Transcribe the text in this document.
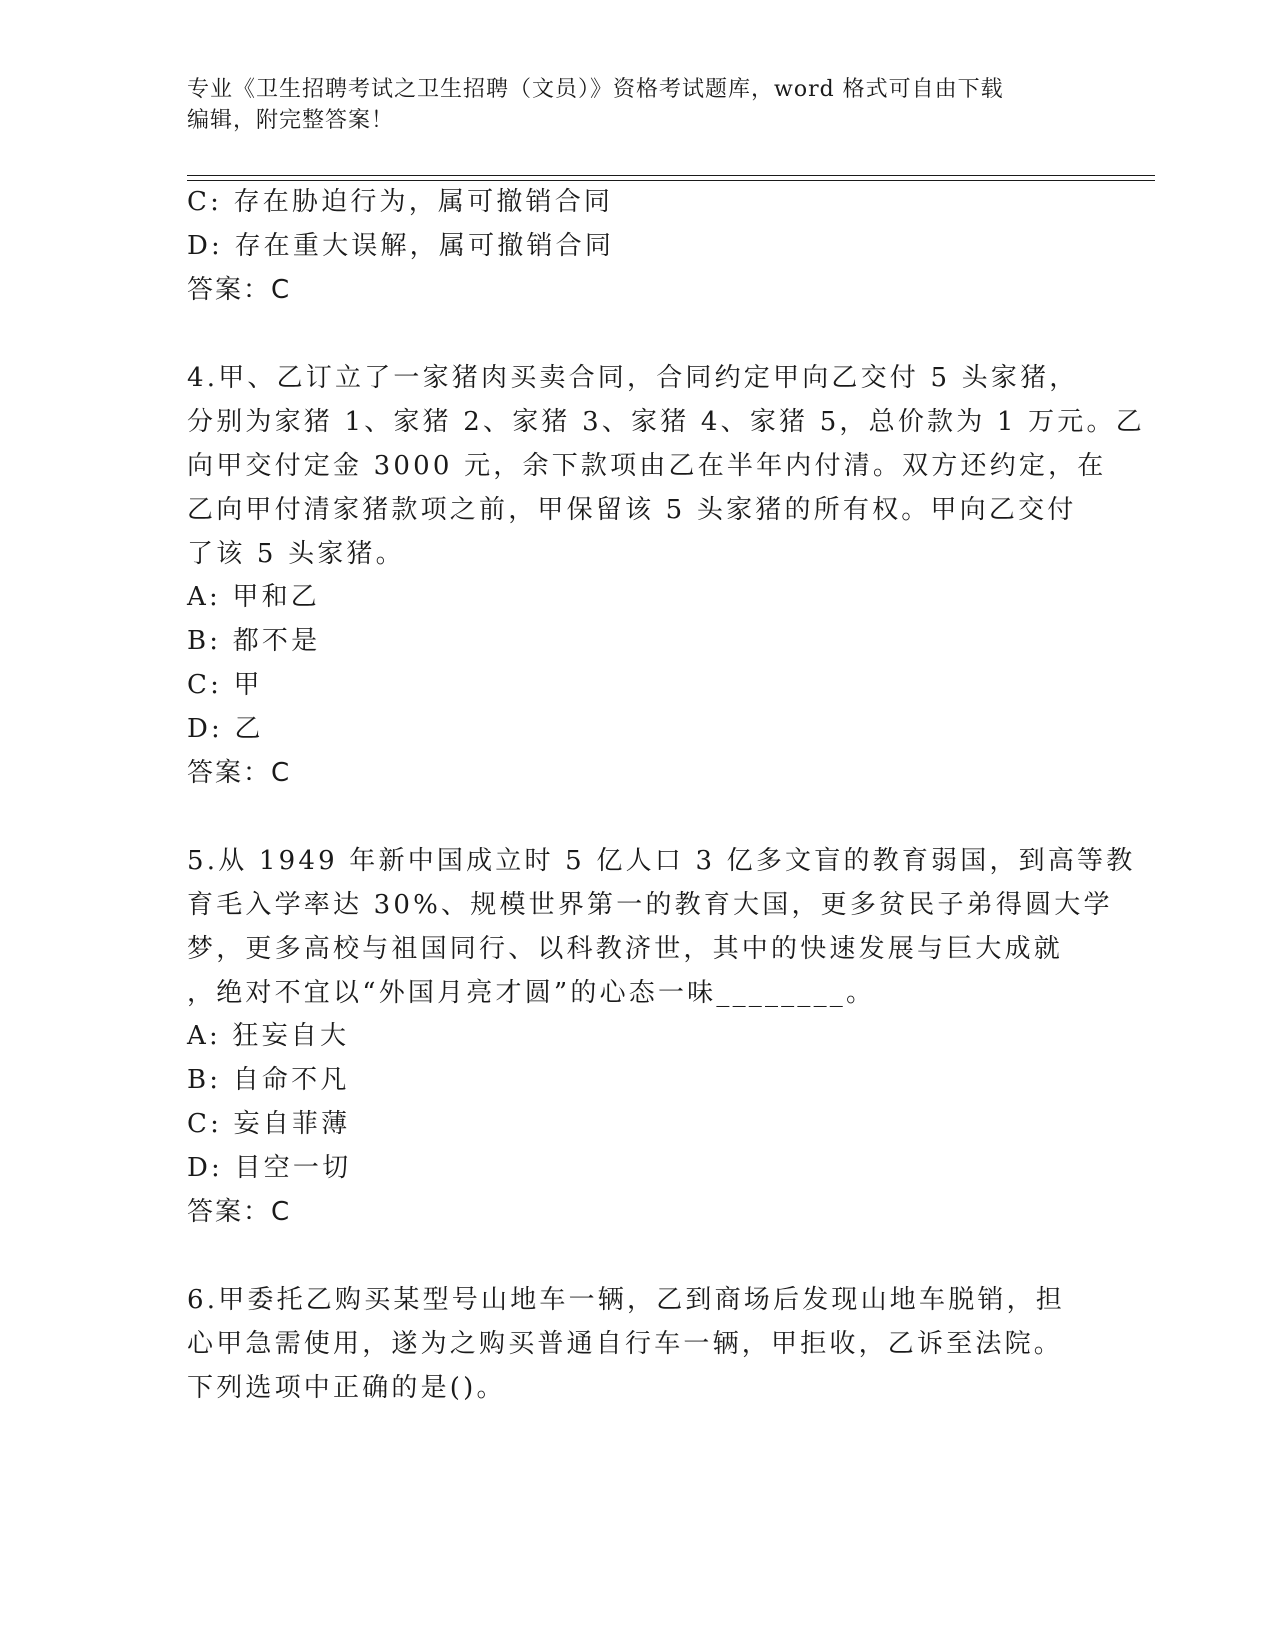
专业《卫生招聘考试之卫生招聘（文员）》资格考试题库，word 格式可自由下载
编辑，附完整答案！
C: 存在胁迫行为，属可撤销合同
D: 存在重大误解，属可撤销合同
答案：C
4.甲、乙订立了一家猪肉买卖合同，合同约定甲向乙交付 5 头家猪，
分别为家猪 1、家猪 2、家猪 3、家猪 4、家猪 5，总价款为 1 万元。乙
向甲交付定金 3000 元，余下款项由乙在半年内付清。双方还约定，在
乙向甲付清家猪款项之前，甲保留该 5 头家猪的所有权。甲向乙交付
了该 5 头家猪。
A: 甲和乙
B: 都不是
C: 甲
D: 乙
答案：C
5.从 1949 年新中国成立时 5 亿人口 3 亿多文盲的教育弱国，到高等教
育毛入学率达 30%、规模世界第一的教育大国，更多贫民子弟得圆大学
梦，更多高校与祖国同行、以科教济世，其中的快速发展与巨大成就
，绝对不宜以“外国月亮才圆”的心态一味________。
A: 狂妄自大
B: 自命不凡
C: 妄自菲薄
D: 目空一切
答案：C
6.甲委托乙购买某型号山地车一辆，乙到商场后发现山地车脱销，担
心甲急需使用，遂为之购买普通自行车一辆，甲拒收，乙诉至法院。
下列选项中正确的是()。
